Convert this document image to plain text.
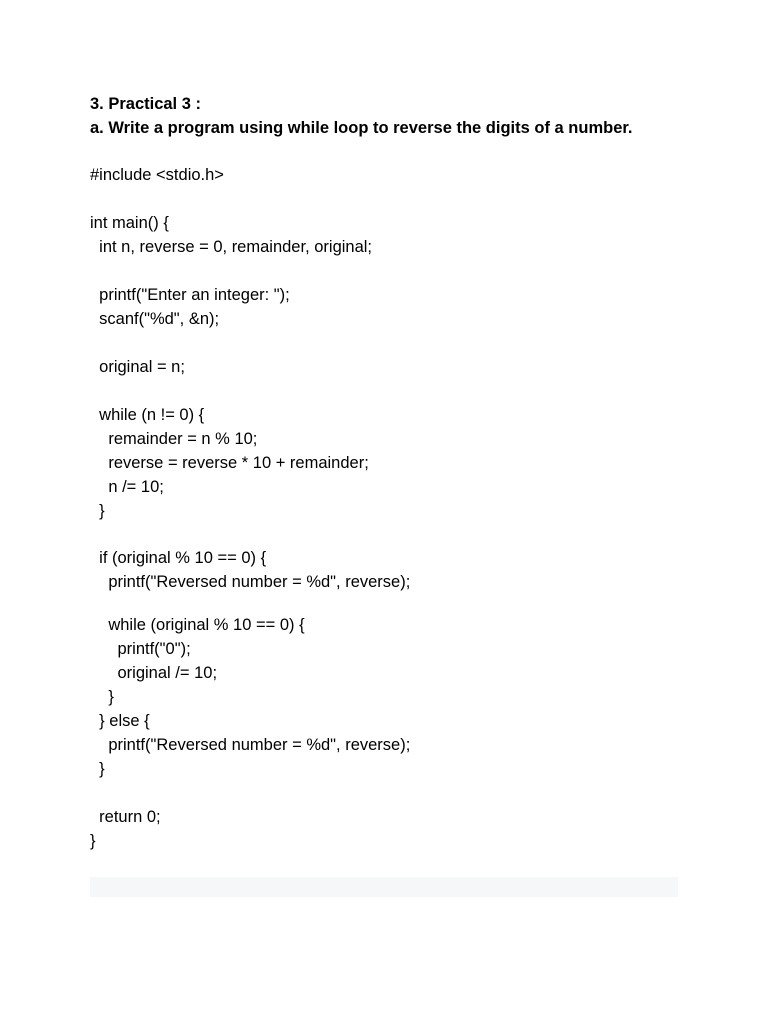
3. Practical 3 :
a. Write a program using while loop to reverse the digits of a number.
#include <stdio.h>
int main() {
int n, reverse = 0, remainder, original;
printf("Enter an integer: ");
scanf("%d", &n);
original = n;
while (n != 0) {
remainder = n % 10;
reverse = reverse * 10 + remainder;
n /= 10;
}
if (original % 10 == 0) {
printf("Reversed number = %d", reverse);
while (original % 10 == 0) {
printf("0");
original /= 10;
}
} else {
printf("Reversed number = %d", reverse);
}
return 0;
}
